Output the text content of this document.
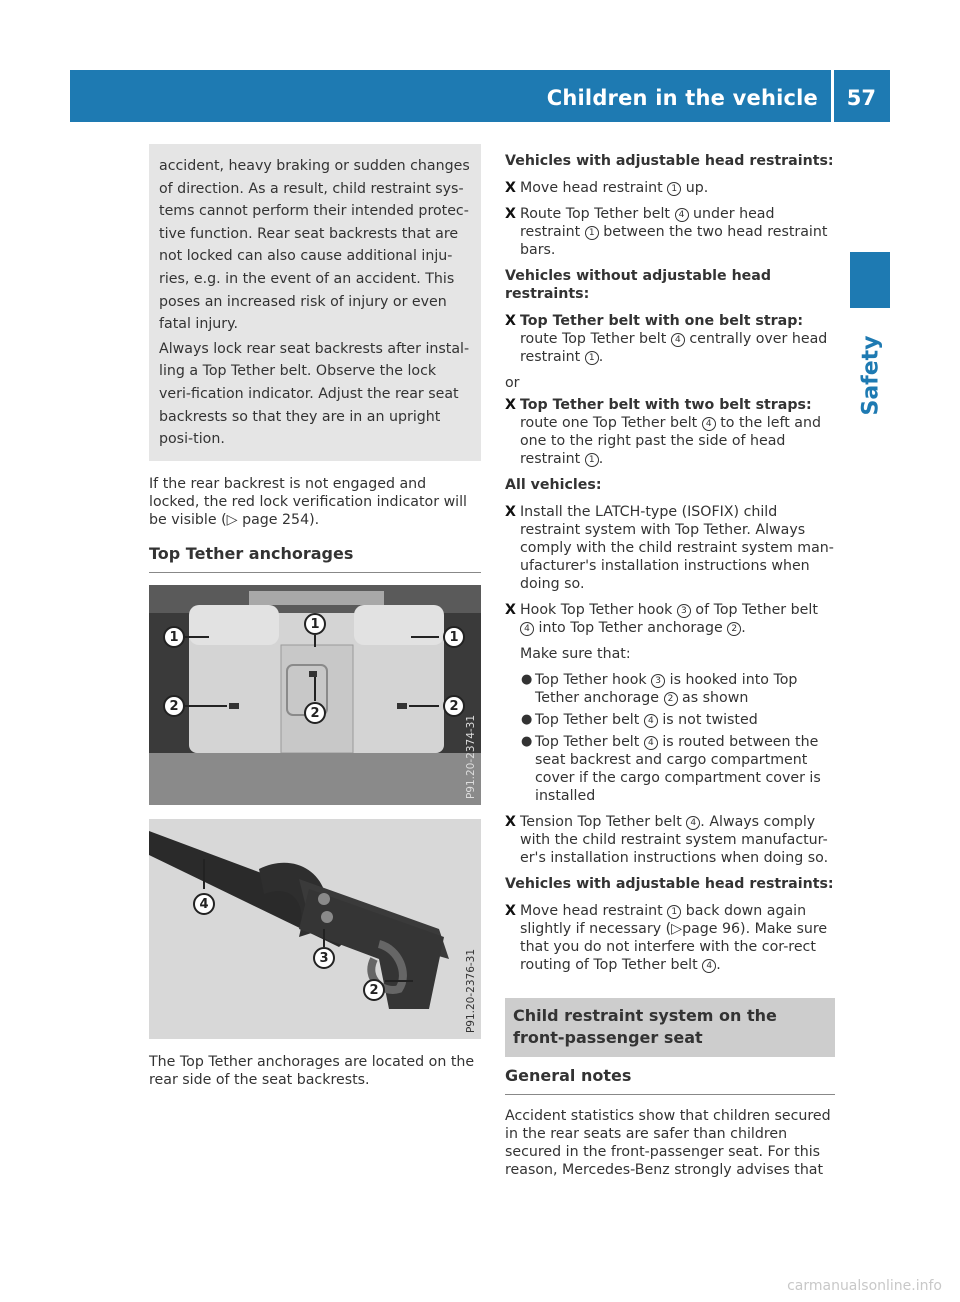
Children in the vehicle 57
Safety

accident, heavy braking or sudden changes of direction. As a result, child restraint sys-tems cannot perform their intended protec-tive function. Rear seat backrests that are not locked can also cause additional inju-ries, e.g. in the event of an accident. This poses an increased risk of injury or even fatal injury.

Always lock rear seat backrests after instal-ling a Top Tether belt. Observe the lock veri-fication indicator. Adjust the rear seat backrests so that they are in an upright posi-tion.

If the rear backrest is not engaged and locked, the red lock verification indicator will be visible (▷ page 254).

Top Tether anchorages
1
1
1
2	2	2
P91.20-2374-31
4
3
2	P91.20-2376-31

The Top Tether anchorages are located on the rear side of the seat backrests.

Vehicles with adjustable head restraints:

X Move head restraint 1 up.
X Route Top Tether belt 4 under head restraint 1 between the two head restraint bars.

Vehicles without adjustable head restraints:

X Top Tether belt with one belt strap: route Top Tether belt 4 centrally over head restraint 1 .

or

X Top Tether belt with two belt straps: route one Top Tether belt 4 to the left and one to the right past the side of head restraint 1 .

All vehicles:

X Install the LATCH-type (ISOFIX) child restraint system with Top Tether. Always comply with the child restraint system man-ufacturer's installation instructions when doing so.
X Hook Top Tether hook 3 of Top Tether belt 4 into Top Tether anchorage 2 .

Make sure that:

● Top Tether hook 3 is hooked into Top Tether anchorage 2 as shown
● Top Tether belt 4 is not twisted
● Top Tether belt 4 is routed between the seat backrest and cargo compartment cover if the cargo compartment cover is installed
X Tension Top Tether belt 4 . Always comply with the child restraint system manufactur-er's installation instructions when doing so.

Vehicles with adjustable head restraints:

X Move head restraint 1 back down again slightly if necessary (▷page 96). Make sure that you do not interfere with the cor-rect routing of Top Tether belt 4 .
Child restraint system on the front-passenger seat
General notes

Accident statistics show that children secured in the rear seats are safer than children secured in the front-passenger seat. For this reason, Mercedes-Benz strongly advises that

carmanualsonline.info
